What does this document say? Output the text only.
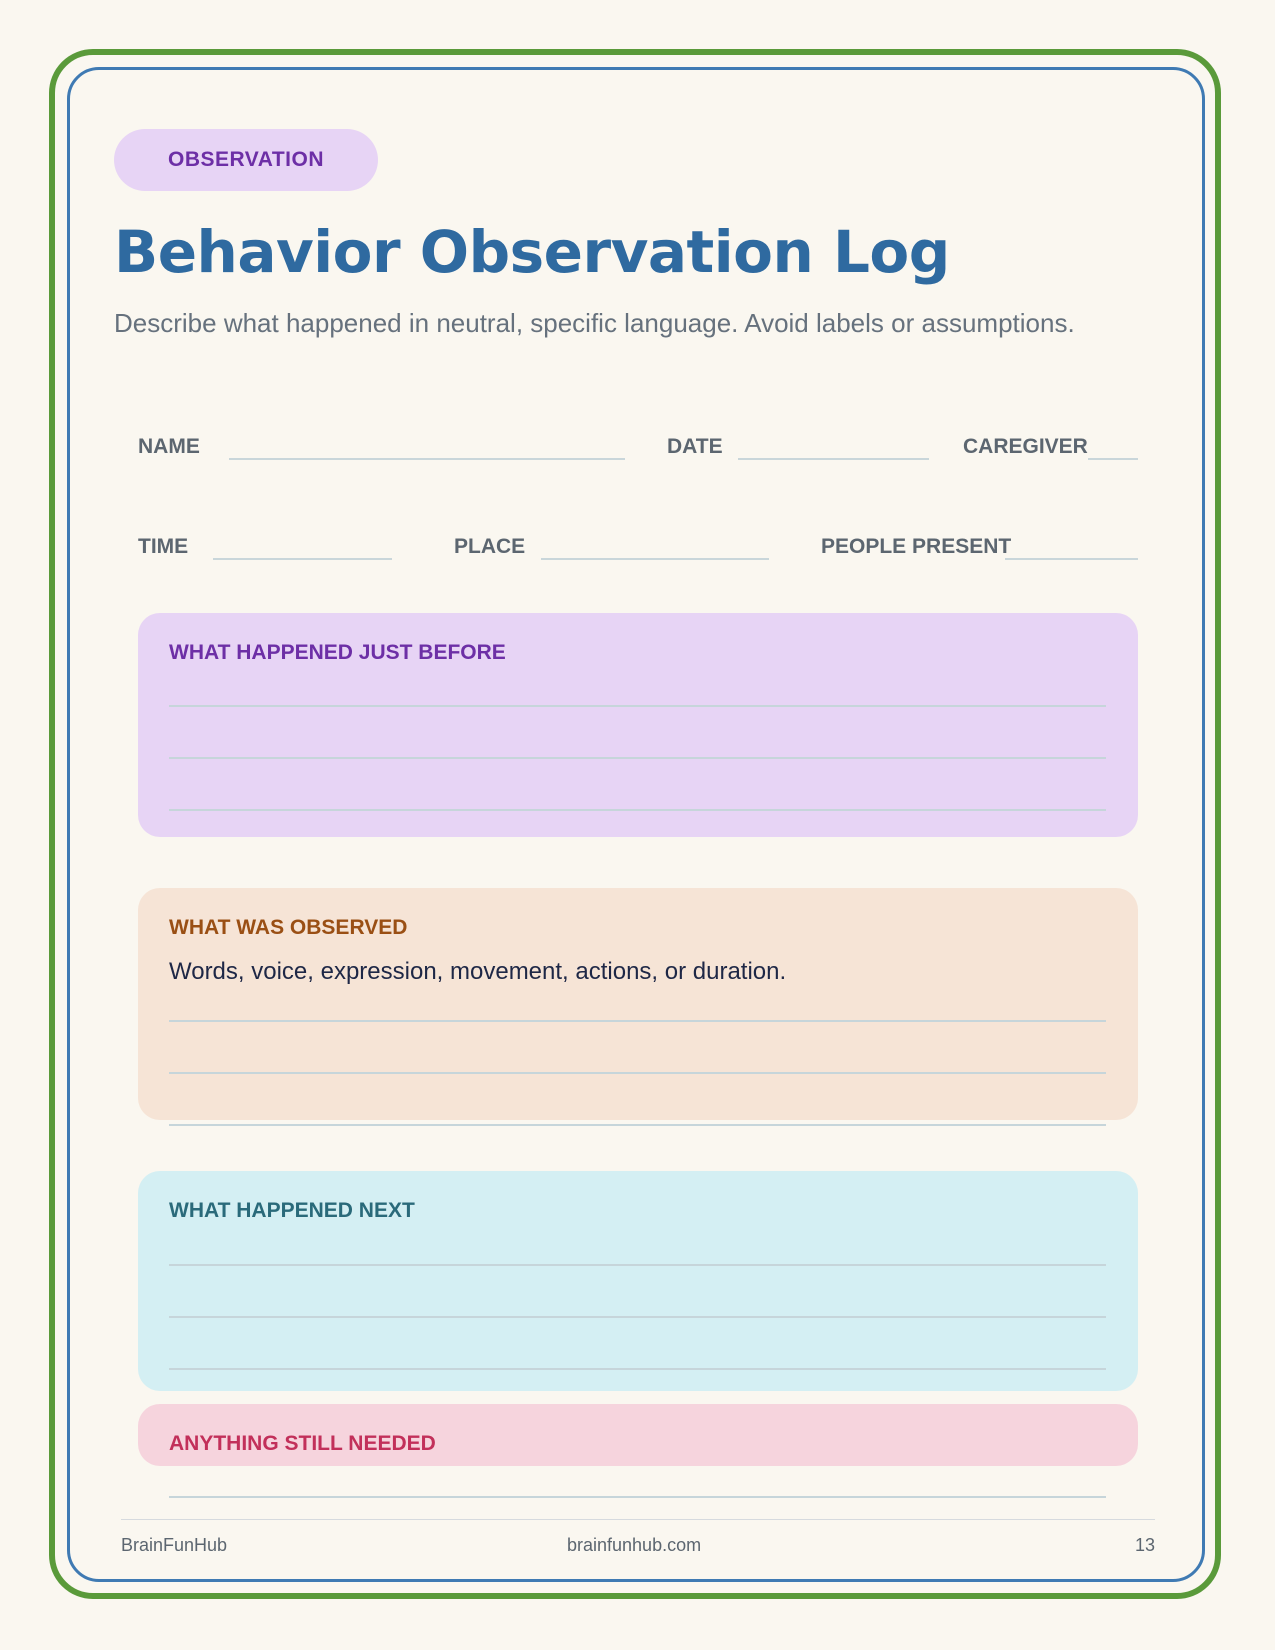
OBSERVATION
Behavior Observation Log

Describe what happened in neutral, specific language. Avoid labels or assumptions.

NAME	DATE	CAREGIVER
TIME	PLACE	PEOPLE PRESENT
WHAT HAPPENED JUST BEFORE
WHAT WAS OBSERVED
Words, voice, expression, movement, actions, or duration.
WHAT HAPPENED NEXT
ANYTHING STILL NEEDED
BrainFunHub	brainfunhub.com	13
